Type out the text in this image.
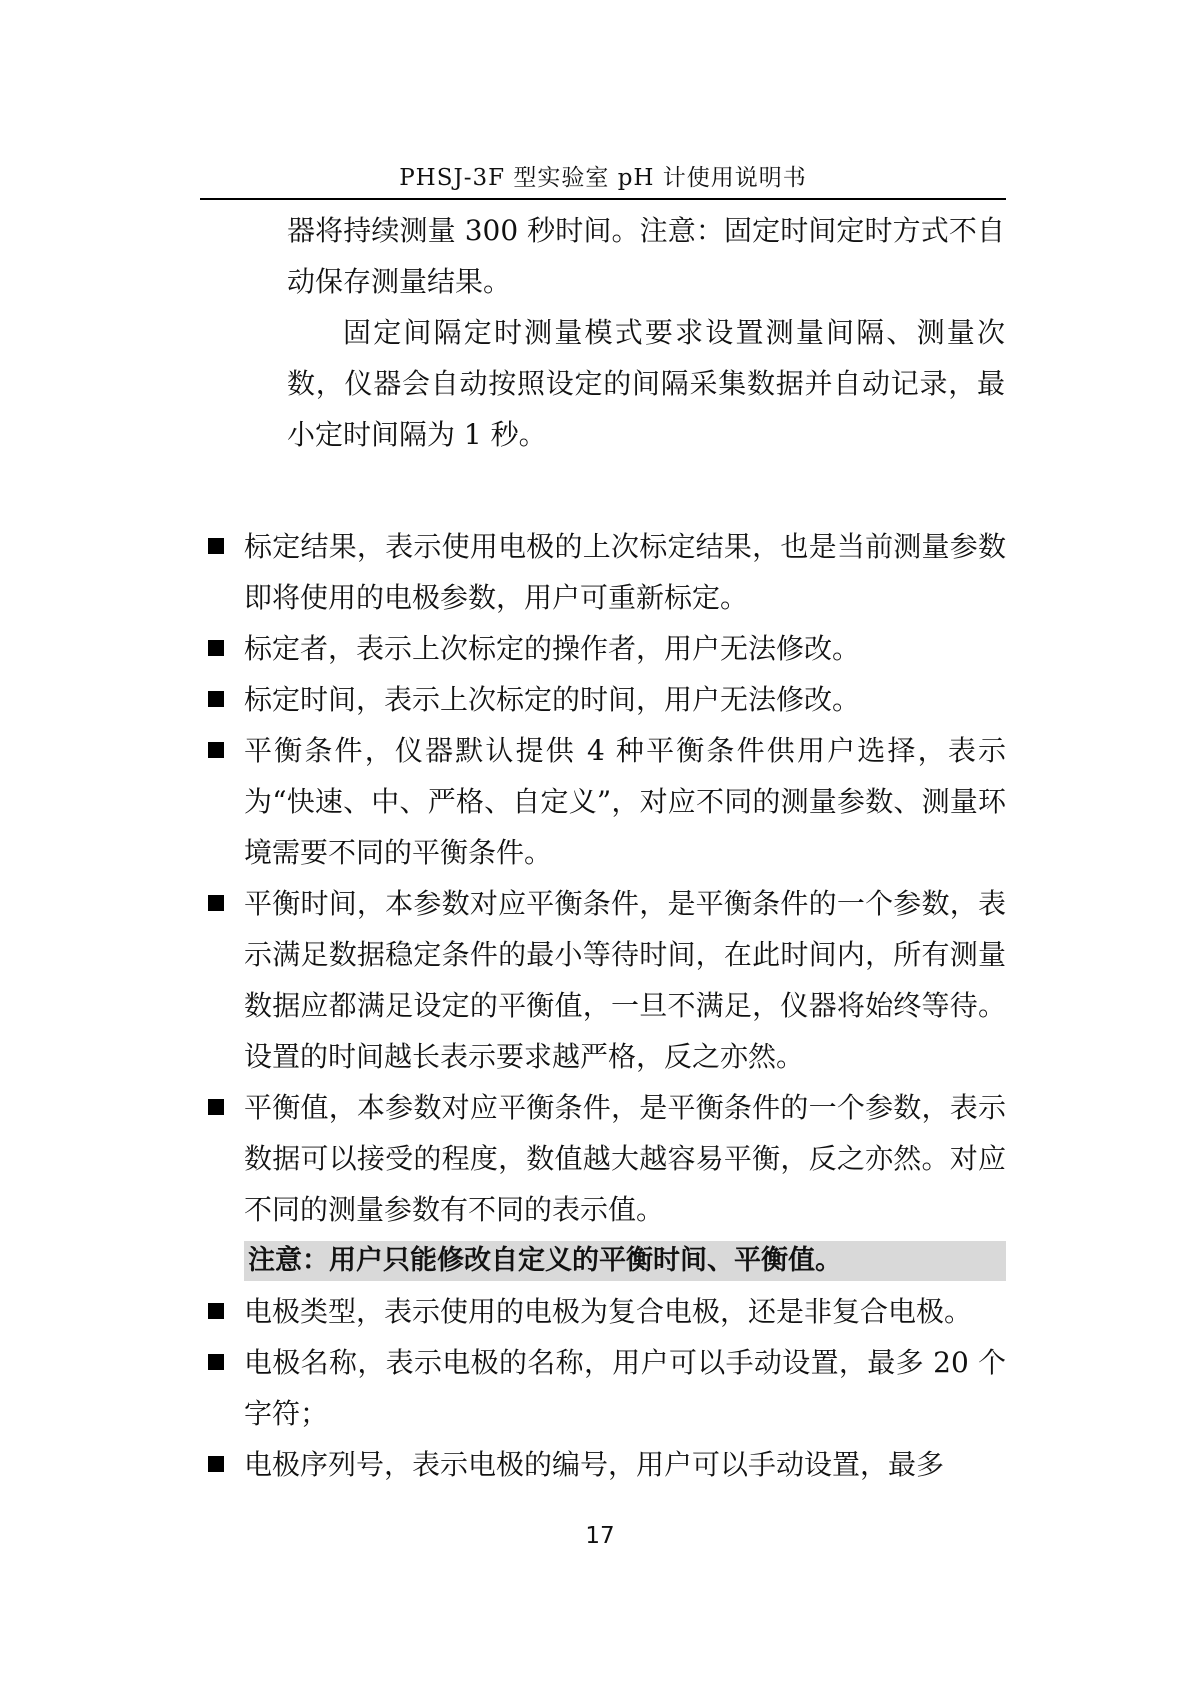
PHSJ-3F 型实验室 pH 计使用说明书

器将持续测量 300 秒时间。注意：固定时间定时方式不自动保存测量结果。

固定间隔定时测量模式要求设置测量间隔、测量次数，仪器会自动按照设定的间隔采集数据并自动记录，最小定时间隔为 1 秒。

标定结果，表示使用电极的上次标定结果，也是当前测量参数即将使用的电极参数，用户可重新标定。
标定者，表示上次标定的操作者，用户无法修改。
标定时间，表示上次标定的时间，用户无法修改。
平衡条件，仪器默认提供 4 种平衡条件供用户选择，表示为“快速、中、严格、自定义”，对应不同的测量参数、测量环境需要不同的平衡条件。
平衡时间，本参数对应平衡条件，是平衡条件的一个参数，表示满足数据稳定条件的最小等待时间，在此时间内，所有测量数据应都满足设定的平衡值，一旦不满足，仪器将始终等待。设置的时间越长表示要求越严格，反之亦然。
平衡值，本参数对应平衡条件，是平衡条件的一个参数，表示数据可以接受的程度，数值越大越容易平衡，反之亦然。对应不同的测量参数有不同的表示值。
注意：用户只能修改自定义的平衡时间、平衡值。
电极类型，表示使用的电极为复合电极，还是非复合电极。
电极名称，表示电极的名称，用户可以手动设置，最多 20 个字符；
电极序列号，表示电极的编号，用户可以手动设置，最多
17
